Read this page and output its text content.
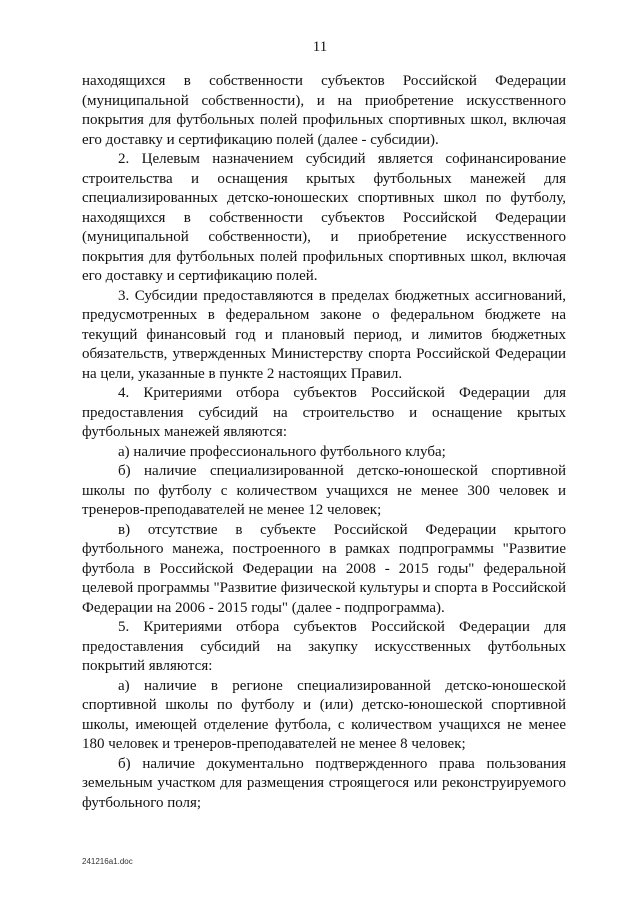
11

находящихся в собственности субъектов Российской Федерации (муниципальной собственности), и на приобретение искусственного покрытия для футбольных полей профильных спортивных школ, включая его доставку и сертификацию полей (далее - субсидии).

2. Целевым назначением субсидий является софинансирование строительства и оснащения крытых футбольных манежей для специализированных детско-юношеских спортивных школ по футболу, находящихся в собственности субъектов Российской Федерации (муниципальной собственности), и приобретение искусственного покрытия для футбольных полей профильных спортивных школ, включая его доставку и сертификацию полей.

3. Субсидии предоставляются в пределах бюджетных ассигнований, предусмотренных в федеральном законе о федеральном бюджете на текущий финансовый год и плановый период, и лимитов бюджетных обязательств, утвержденных Министерству спорта Российской Федерации на цели, указанные в пункте 2 настоящих Правил.

4. Критериями отбора субъектов Российской Федерации для предоставления субсидий на строительство и оснащение крытых футбольных манежей являются:

а) наличие профессионального футбольного клуба;

б) наличие специализированной детско-юношеской спортивной школы по футболу с количеством учащихся не менее 300 человек и тренеров-преподавателей не менее 12 человек;

в) отсутствие в субъекте Российской Федерации крытого футбольного манежа, построенного в рамках подпрограммы "Развитие футбола в Российской Федерации на 2008 - 2015 годы" федеральной целевой программы "Развитие физической культуры и спорта в Российской Федерации на 2006 - 2015 годы" (далее - подпрограмма).

5. Критериями отбора субъектов Российской Федерации для предоставления субсидий на закупку искусственных футбольных покрытий являются:

а) наличие в регионе специализированной детско-юношеской спортивной школы по футболу и (или) детско-юношеской спортивной школы, имеющей отделение футбола, с количеством учащихся не менее 180 человек и тренеров-преподавателей не менее 8 человек;

б) наличие документально подтвержденного права пользования земельным участком для размещения строящегося или реконструируемого футбольного поля;

241216a1.doc
